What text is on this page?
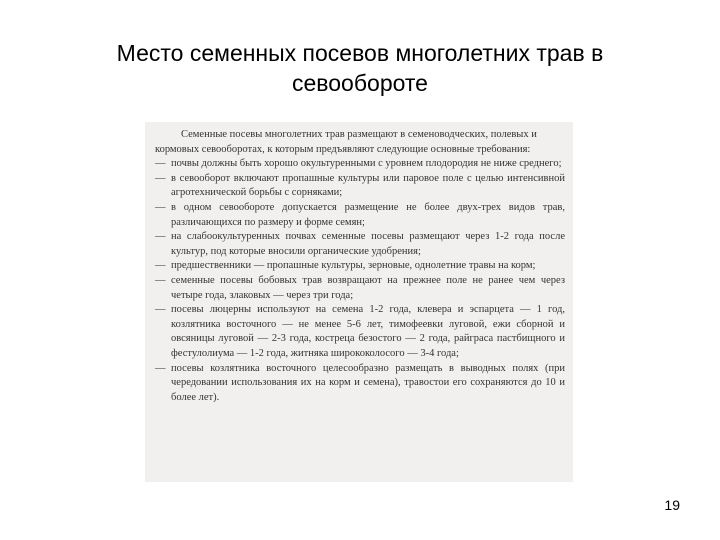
Место семенных посевов многолетних трав в
севообороте

Семенные посевы многолетних трав размещают в семеноводческих, полевых и кормовых севооборотах, к которым предъявляют следующие основные требования:

— почвы должны быть хорошо окультуренными с уровнем плодородия не ниже среднего;
— в севооборот включают пропашные культуры или паровое поле с целью интенсивной агротехнической борьбы с сорняками;
— в одном севообороте допускается размещение не более двух-трех видов трав, различающихся по размеру и форме семян;
— на слабоокультуренных почвах семенные посевы размещают через 1-2 года после культур, под которые вносили органические удобрения;
— предшественники — пропашные культуры, зерновые, однолетние травы на корм;
— семенные посевы бобовых трав возвращают на прежнее поле не ранее чем через четыре года, злаковых — через три года;
— посевы люцерны используют на семена 1-2 года, клевера и эспарцета — 1 год, козлятника восточного — не менее 5-6 лет, тимофеевки луговой, ежи сборной и овсяницы луговой — 2-3 года, костреца безостого — 2 года, райграса пастбищного и фестулолиума — 1-2 года, житняка ширококолосого — 3-4 года;
— посевы козлятника восточного целесообразно размещать в выводных полях (при чередовании использования их на корм и семена), травостои его сохраняются до 10 и более лет).
19
